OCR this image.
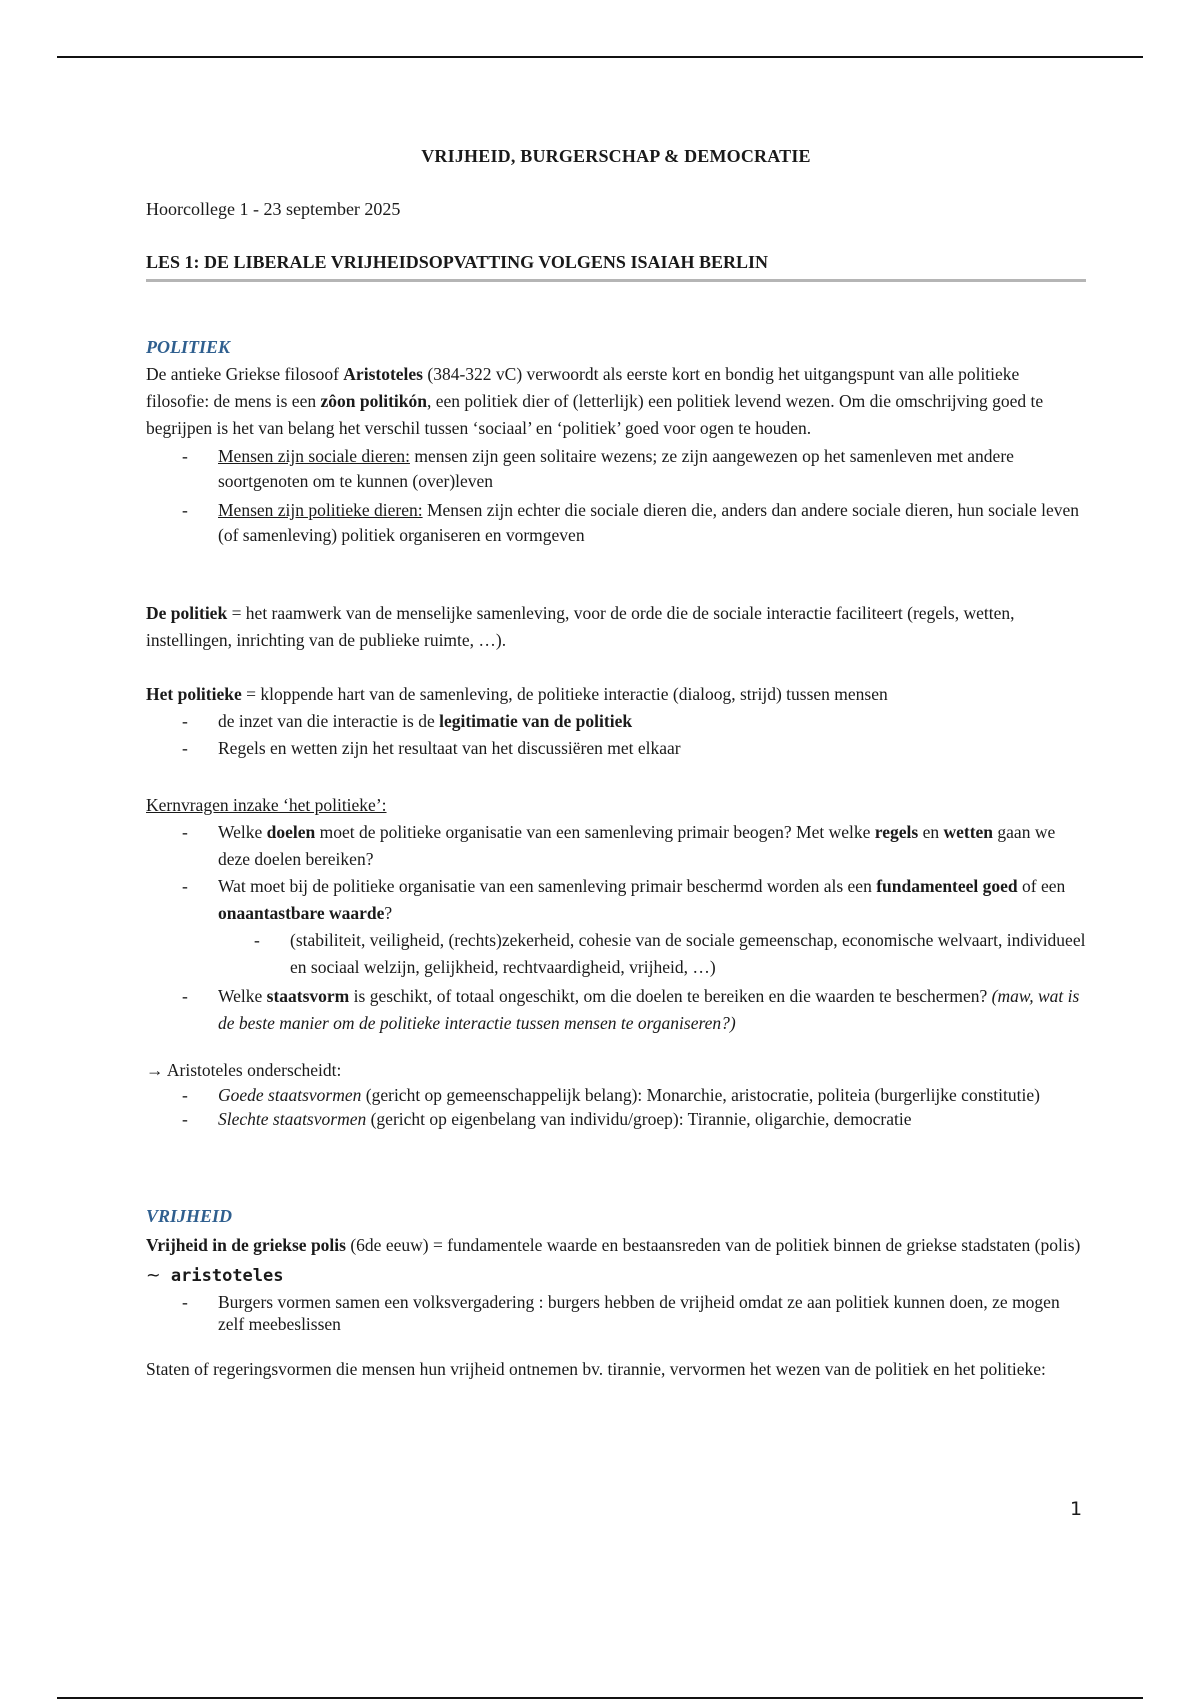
VRIJHEID, BURGERSCHAP & DEMOCRATIE
Hoorcollege 1 - 23 september 2025
LES 1: DE LIBERALE VRIJHEIDSOPVATTING VOLGENS ISAIAH BERLIN
POLITIEK

De antieke Griekse filosoof Aristoteles (384-322 vC) verwoordt als eerste kort en bondig het uitgangspunt van alle politieke filosofie: de mens is een zôon politikón, een politiek dier of (letterlijk) een politiek levend wezen. Om die omschrijving goed te begrijpen is het van belang het verschil tussen ‘sociaal’ en ‘politiek’ goed voor ogen te houden.

- Mensen zijn sociale dieren: mensen zijn geen solitaire wezens; ze zijn aangewezen op het samenleven met andere soortgenoten om te kunnen (over)leven
- Mensen zijn politieke dieren: Mensen zijn echter die sociale dieren die, anders dan andere sociale dieren, hun sociale leven (of samenleving) politiek organiseren en vormgeven

De politiek = het raamwerk van de menselijke samenleving, voor de orde die de sociale interactie faciliteert (regels, wetten, instellingen, inrichting van de publieke ruimte, …).

Het politieke = kloppende hart van de samenleving, de politieke interactie (dialoog, strijd) tussen mensen

- de inzet van die interactie is de legitimatie van de politiek
- Regels en wetten zijn het resultaat van het discussiëren met elkaar

Kernvragen inzake ‘het politieke’:

- Welke doelen moet de politieke organisatie van een samenleving primair beogen? Met welke regels en wetten gaan we deze doelen bereiken?
- Wat moet bij de politieke organisatie van een samenleving primair beschermd worden als een fundamenteel goed of een onaantastbare waarde?
- (stabiliteit, veiligheid, (rechts)zekerheid, cohesie van de sociale gemeenschap, economische welvaart, individueel en sociaal welzijn, gelijkheid, rechtvaardigheid, vrijheid, …)
- Welke staatsvorm is geschikt, of totaal ongeschikt, om die doelen te bereiken en die waarden te beschermen? (maw, wat is de beste manier om de politieke interactie tussen mensen te organiseren?)

→ Aristoteles onderscheidt:

- Goede staatsvormen (gericht op gemeenschappelijk belang): Monarchie, aristocratie, politeia (burgerlijke constitutie)
- Slechte staatsvormen (gericht op eigenbelang van individu/groep): Tirannie, oligarchie, democratie
VRIJHEID

Vrijheid in de griekse polis (6de eeuw) = fundamentele waarde en bestaansreden van de politiek binnen de griekse stadstaten (polis) ~ aristoteles

- Burgers vormen samen een volksvergadering : burgers hebben de vrijheid omdat ze aan politiek kunnen doen, ze mogen zelf meebeslissen

Staten of regeringsvormen die mensen hun vrijheid ontnemen bv. tirannie, vervormen het wezen van de politiek en het politieke:

1
